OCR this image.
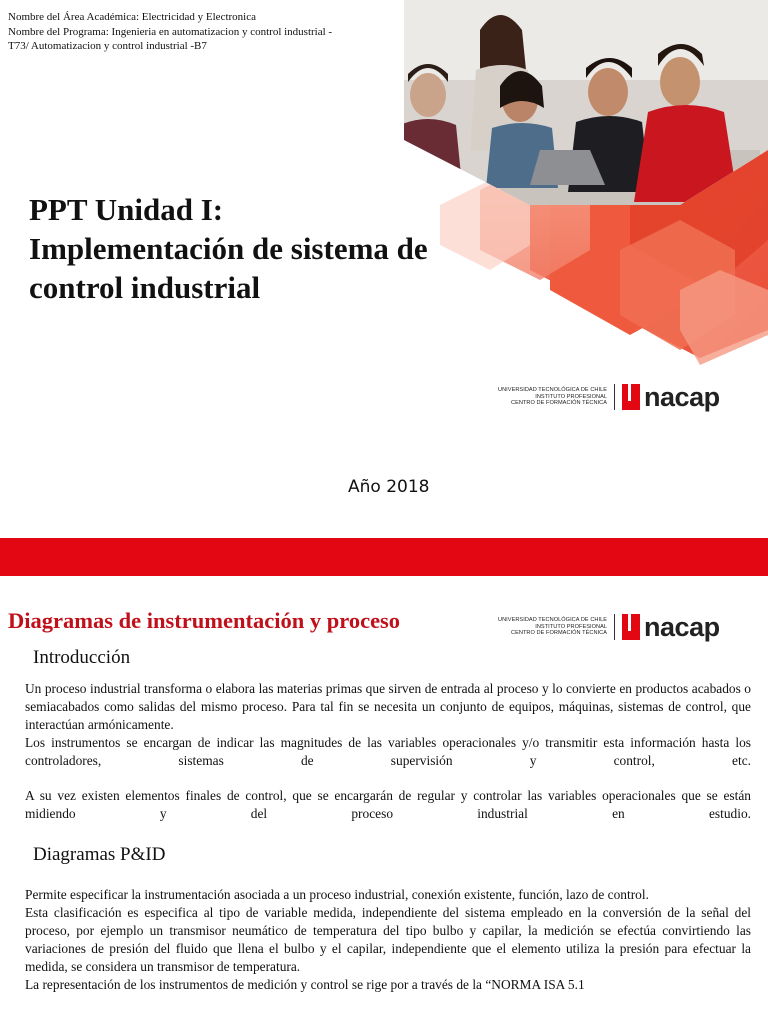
Nombre del Área Académica: Electricidad y Electronica
Nombre del Programa: Ingenieria en automatizacion y control industrial -
T73/ Automatizacion y control industrial -B7
PPT Unidad I:
Implementación de sistema de
control industrial
UNIVERSIDAD TECNOLÓGICA DE CHILE
INSTITUTO PROFESIONAL
CENTRO DE FORMACIÓN TÉCNICA nacap
Año 2018
Diagramas de instrumentación y proceso	UNIVERSIDAD TECNOLÓGICA DE CHILE
INSTITUTO PROFESIONAL
CENTRO DE FORMACIÓN TÉCNICA nacap
Introducción

Un proceso industrial transforma o elabora las materias primas que sirven de entrada al proceso y lo convierte en productos acabados o semiacabados como salidas del mismo proceso. Para tal fin se necesita un conjunto de equipos, máquinas, sistemas de control, que interactúan armónicamente.

Los instrumentos se encargan de indicar las magnitudes de las variables operacionales y/o transmitir esta información hasta los controladores, sistemas de supervisión y control, etc.

A su vez existen elementos finales de control, que se encargarán de regular y controlar las variables operacionales que se están midiendo y del proceso industrial en estudio.

Diagramas P&ID

Permite especificar la instrumentación asociada a un proceso industrial, conexión existente, función, lazo de control.

Esta clasificación es especifica al tipo de variable medida, independiente del sistema empleado en la conversión de la señal del proceso, por ejemplo un transmisor neumático de temperatura del tipo bulbo y capilar, la medición se efectúa convirtiendo las variaciones de presión del fluido que llena el bulbo y el capilar, independiente que el elemento utiliza la presión para efectuar la medida, se considera un transmisor de temperatura.

La representación de los instrumentos de medición y control se rige por a través de la “NORMA ISA 5.1
